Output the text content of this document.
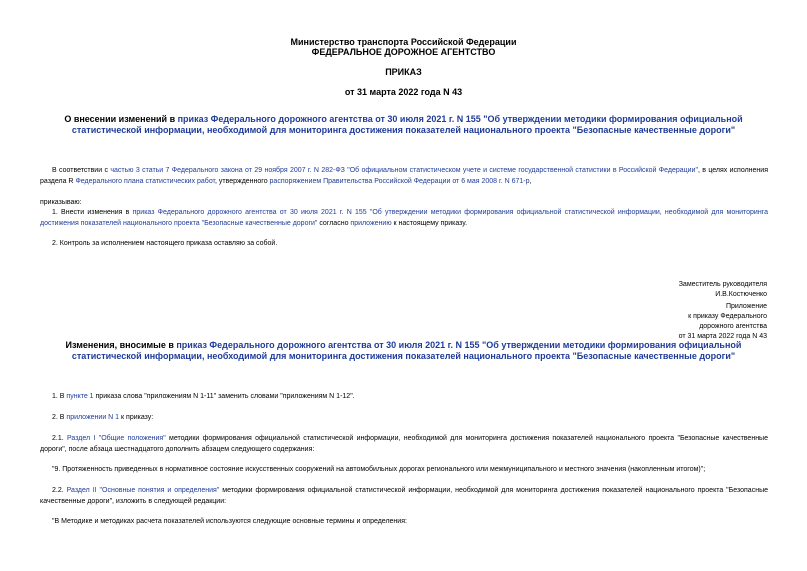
Министерство транспорта Российской Федерации
ФЕДЕРАЛЬНОЕ ДОРОЖНОЕ АГЕНТСТВО
ПРИКАЗ
от 31 марта 2022 года N 43
О внесении изменений в приказ Федерального дорожного агентства от 30 июля 2021 г. N 155 "Об утверждении методики формирования официальной статистической информации, необходимой для мониторинга достижения показателей национального проекта "Безопасные качественные дороги"
В соответствии с частью 3 статьи 7 Федерального закона от 29 ноября 2007 г. N 282-ФЗ "Об официальном статистическом учете и системе государственной статистики в Российской Федерации", в целях исполнения раздела R Федерального плана статистических работ, утвержденного распоряжением Правительства Российской Федерации от 6 мая 2008 г. N 671-р,
приказываю:
1. Внести изменения в приказ Федерального дорожного агентства от 30 июля 2021 г. N 155 "Об утверждении методики формирования официальной статистической информации, необходимой для мониторинга достижения показателей национального проекта "Безопасные качественные дороги" согласно приложению к настоящему приказу.
2. Контроль за исполнением настоящего приказа оставляю за собой.
Заместитель руководителя
И.В.Костюченко
Приложение
к приказу Федерального
дорожного агентства
от 31 марта 2022 года N 43
Изменения, вносимые в приказ Федерального дорожного агентства от 30 июля 2021 г. N 155 "Об утверждении методики формирования официальной статистической информации, необходимой для мониторинга достижения показателей национального проекта "Безопасные качественные дороги"
1. В пункте 1 приказа слова "приложениям N 1-11" заменить словами "приложениям N 1-12".
2. В приложении N 1 к приказу:
2.1. Раздел I "Общие положения" методики формирования официальной статистической информации, необходимой для мониторинга достижения показателей национального проекта "Безопасные качественные дороги", после абзаца шестнадцатого дополнить абзацем следующего содержания:
"9. Протяженность приведенных в нормативное состояние искусственных сооружений на автомобильных дорогах регионального или межмуниципального и местного значения (накопленным итогом)";
2.2. Раздел II "Основные понятия и определения" методики формирования официальной статистической информации, необходимой для мониторинга достижения показателей национального проекта "Безопасные качественные дороги", изложить в следующей редакции:
"В Методике и методиках расчета показателей используются следующие основные термины и определения:
